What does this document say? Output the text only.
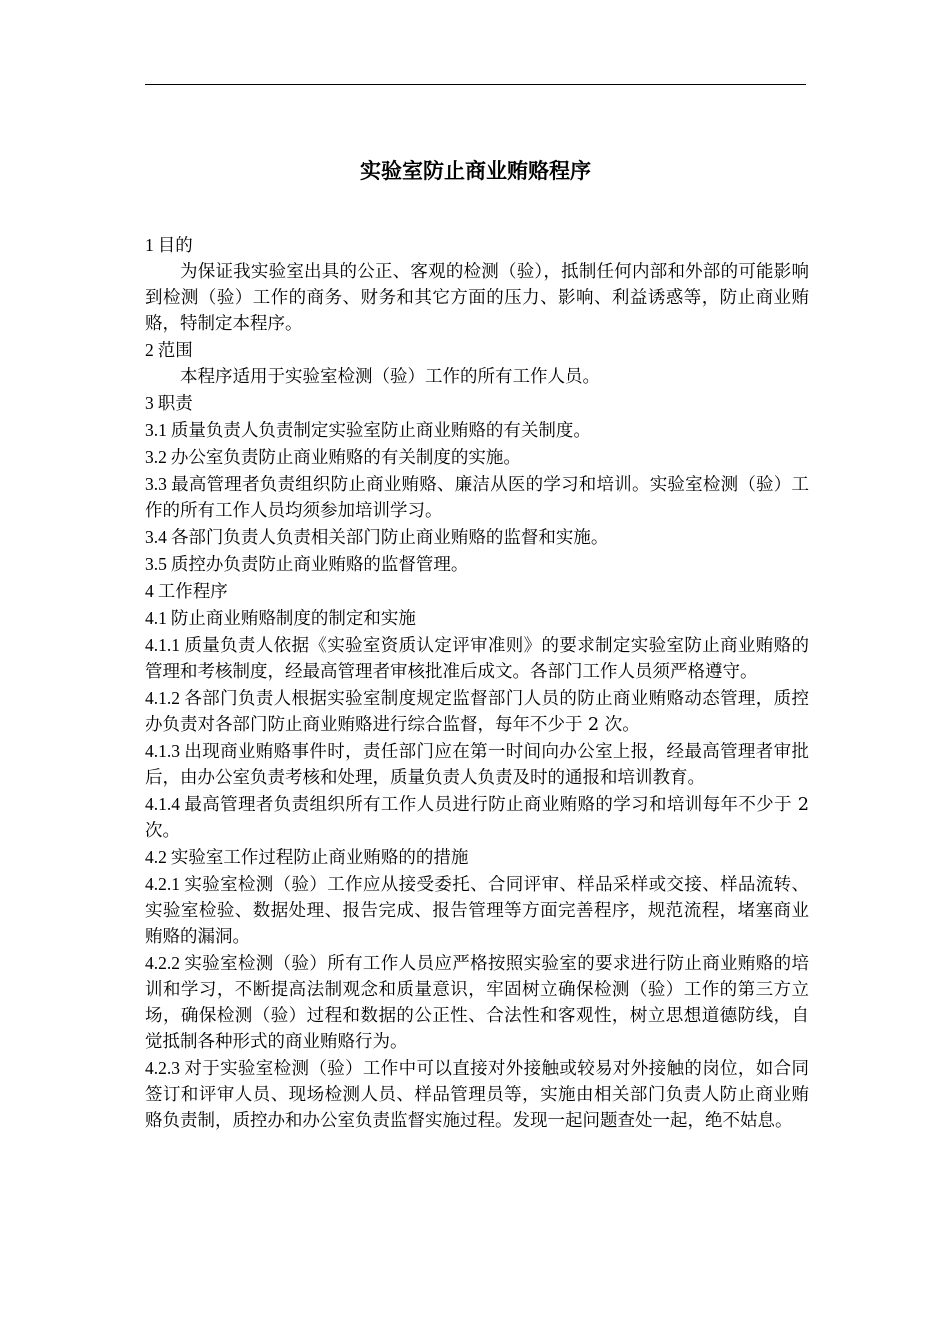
实验室防止商业贿赂程序

1 目的

为保证我实验室出具的公正、客观的检测（验），抵制任何内部和外部的可能影响到检测（验）工作的商务、财务和其它方面的压力、影响、利益诱惑等，防止商业贿赂，特制定本程序。

2 范围

本程序适用于实验室检测（验）工作的所有工作人员。

3 职责

3.1 质量负责人负责制定实验室防止商业贿赂的有关制度。

3.2 办公室负责防止商业贿赂的有关制度的实施。

3.3 最高管理者负责组织防止商业贿赂、廉洁从医的学习和培训。实验室检测（验）工作的所有工作人员均须参加培训学习。

3.4 各部门负责人负责相关部门防止商业贿赂的监督和实施。

3.5 质控办负责防止商业贿赂的监督管理。

4 工作程序

4.1 防止商业贿赂制度的制定和实施

4.1.1 质量负责人依据《实验室资质认定评审准则》的要求制定实验室防止商业贿赂的管理和考核制度，经最高管理者审核批准后成文。各部门工作人员须严格遵守。

4.1.2 各部门负责人根据实验室制度规定监督部门人员的防止商业贿赂动态管理，质控办负责对各部门防止商业贿赂进行综合监督，每年不少于 2 次。

4.1.3 出现商业贿赂事件时，责任部门应在第一时间向办公室上报，经最高管理者审批后，由办公室负责考核和处理，质量负责人负责及时的通报和培训教育。

4.1.4 最高管理者负责组织所有工作人员进行防止商业贿赂的学习和培训每年不少于 2 次。

4.2 实验室工作过程防止商业贿赂的的措施

4.2.1 实验室检测（验）工作应从接受委托、合同评审、样品采样或交接、样品流转、实验室检验、数据处理、报告完成、报告管理等方面完善程序，规范流程，堵塞商业贿赂的漏洞。

4.2.2 实验室检测（验）所有工作人员应严格按照实验室的要求进行防止商业贿赂的培训和学习，不断提高法制观念和质量意识，牢固树立确保检测（验）工作的第三方立场，确保检测（验）过程和数据的公正性、合法性和客观性，树立思想道德防线，自觉抵制各种形式的商业贿赂行为。

4.2.3 对于实验室检测（验）工作中可以直接对外接触或较易对外接触的岗位，如合同签订和评审人员、现场检测人员、样品管理员等，实施由相关部门负责人防止商业贿赂负责制，质控办和办公室负责监督实施过程。发现一起问题查处一起，绝不姑息。
